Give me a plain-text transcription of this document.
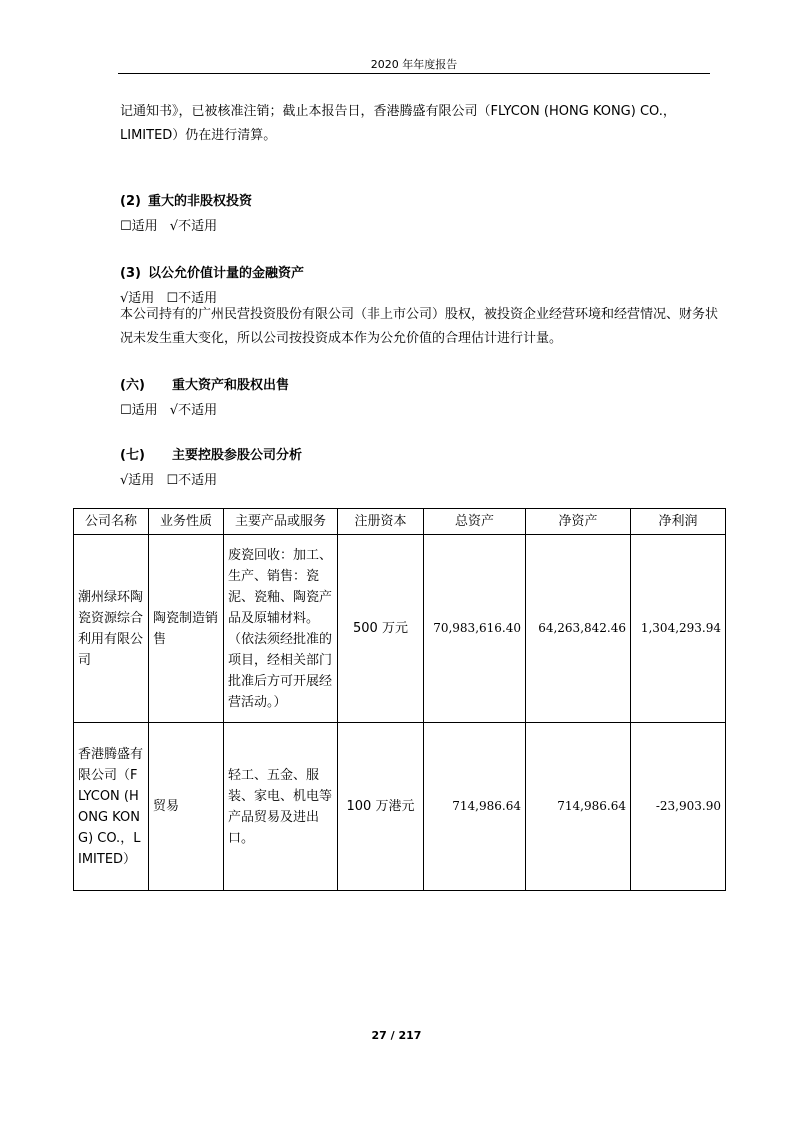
2020 年年度报告
记通知书》，已被核准注销；截止本报告日，香港腾盛有限公司（FLYCON (HONG KONG) CO.，LIMITED）仍在进行清算。
(2) 重大的非股权投资
☐适用 √不适用
(3) 以公允价值计量的金融资产
√适用 ☐不适用
本公司持有的广州民营投资股份有限公司（非上市公司）股权，被投资企业经营环境和经营情况、财务状况未发生重大变化，所以公司按投资成本作为公允价值的合理估计进行计量。
(六) 重大资产和股权出售
☐适用 √不适用
(七) 主要控股参股公司分析
√适用 ☐不适用
公司名称	业务性质	主要产品或服务	注册资本	总资产	净资产	净利润
潮州绿环陶瓷资源综合利用有限公司	陶瓷制造销售	废瓷回收：加工、生产、销售：瓷泥、瓷釉、陶瓷产品及原辅材料。（依法须经批准的项目，经相关部门批准后方可开展经营活动。）	500 万元	70,983,616.40	64,263,842.46	1,304,293.94
香港腾盛有限公司（FLYCON (HONG KONG) CO.，LIMITED）	贸易	轻工、五金、服装、家电、机电等产品贸易及进出口。	100 万港元	714,986.64	714,986.64	-23,903.90
27 / 217
